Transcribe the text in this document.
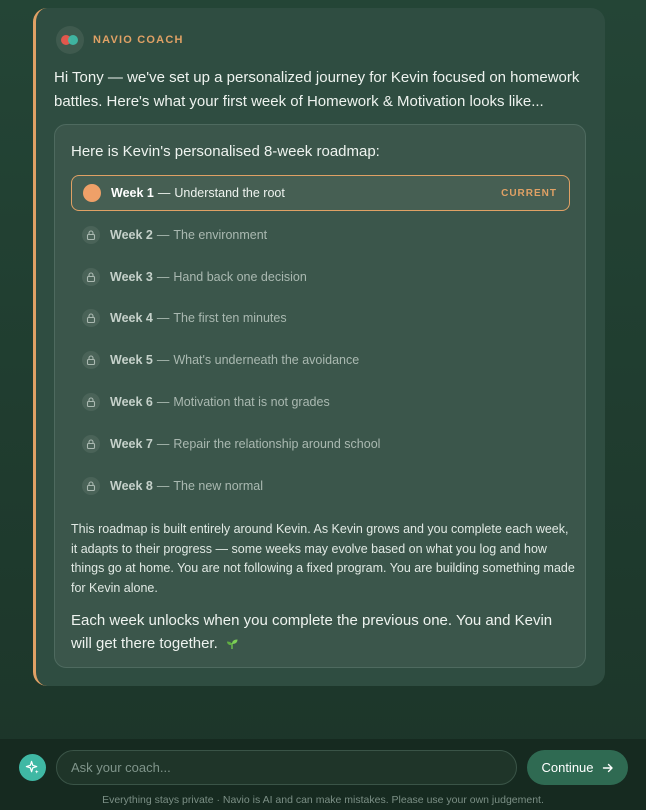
NAVIO COACH
Hi Tony — we've set up a personalized journey for Kevin focused on homework battles. Here's what your first week of Homework & Motivation looks like...
Here is Kevin's personalised 8-week roadmap:
Week 1 — Understand the root	CURRENT
Week 2 — The environment
Week 3 — Hand back one decision
Week 4 — The first ten minutes
Week 5 — What's underneath the avoidance
Week 6 — Motivation that is not grades
Week 7 — Repair the relationship around school
Week 8 — The new normal
This roadmap is built entirely around Kevin. As Kevin grows and you complete each week, it adapts to their progress — some weeks may evolve based on what you log and how things go at home. You are not following a fixed program. You are building something made for Kevin alone.
Each week unlocks when you complete the previous one. You and Kevin will get there together.
Ask your coach...
Continue
Everything stays private · Navio is AI and can make mistakes. Please use your own judgement.
